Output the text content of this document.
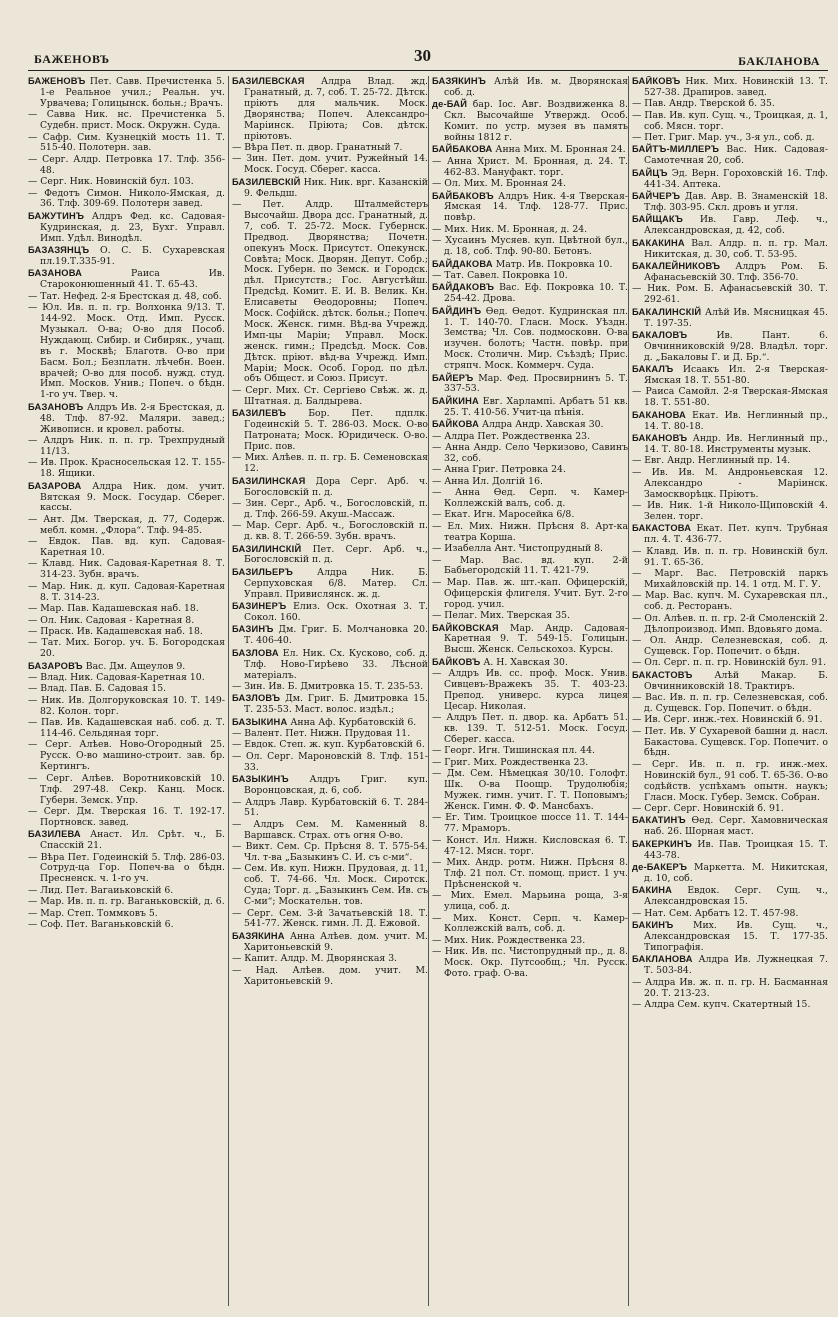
БАЖЕНОВЪ	30	БАКЛАНОВА
БАЖЕНОВЪ Пет. Савв. Пречистенка 5. 1-е Реальное учил.; Реальн. уч. Урвачева; Голицынск. больн.; Врачъ.
— Савва Ник. нс. Пречистенка 5. Судебн. прист. Моск. Окружн. Суда.
— Сафр. Сим. Кузнецкій мость 11. Т. 515-40. Полотерн. зав.
— Серг. Алдр. Петровка 17. Тлф. 356-48.
— Серг. Ник. Новинскій бул. 103.
— Федотъ Симон. Николо-Ямская, д. 36. Тлф. 309-69. Полотерн завед.
БАЖУТИНЪ Алдръ Фед. кс. Садовая-Кудринская, д. 23, Бухг. Управл. Имп. Удѣл. Винодѣл.
БАЗАЗЯНЦЪ О. С. Б. Сухаревская пл.19.Т.335-91.
БАЗАНОВА	Раиса Ив. Староконюшенный 41. Т. 65-43.
— Тат. Нефед. 2-я Брестская д. 48, соб.
— Юл. Ив. п. п. гр. Волхонка 9/13. Т. 144-92. Моск. Отд. Имп. Русск. Музыкал. О-ва; О-во для Пособ. Нуждающ. Сибир. и Сибиряк., учащ. въ г. Москвѣ; Благотв. О-во при Басм. Бол.; Безплатн. лѣчебн. Воен. врачей; О-во для пособ. нужд. студ. Имп. Москов. Унив.; Попеч. о бѣдн. 1-го уч. Твер. ч.
БАЗАНОВЪ Алдръ Ив. 2-я Брестская, д. 48. Тлф. 87-92. Маляри. завед.; Живописн. и кровел. работы.
— Алдръ Ник. п. п. гр. Трехпрудный 11/13.
— Ив. Прок. Красносельская 12. Т. 155-18. Ящики.
БАЗАРОВА Алдра Ник. дом. учит. Вятская 9. Моск. Гоcудар. Сберег. кассы.
— Ант. Дм. Тверская, д. 77, Содерж. мебл. комн. „Флора“. Тлф. 94-85.
— Евдок. Пав. вд. куп. Садовая-Каретная 10.
— Клавд. Ник. Садовая-Каретная 8. Т. 314-23. Зубн. врачъ.
— Мар. Ник. д. куп. Садовая-Каретная 8. Т. 314-23.
— Мар. Пав. Кадашевская наб. 18.
— Ол. Ник. Садовая - Каретная 8.
— Праск. Ив. Кадашевская наб. 18.
— Тат. Мих. Богор. уч. Б. Богородская 20.
БАЗАРОВЪ Вас. Дм. Ащеулов 9.
— Влад. Ник. Садовая-Каретная 10.
— Влад. Пав. Б. Садовая 15.
— Ник. Ив. Долгоруковская 10. Т. 149-82. Колон. торг.
— Пав. Ив. Кадашевская наб. соб. д. Т. 114-46. Сельдяная торг.
— Серг. Алѣев. Ново-Огородный 25. Русск. О-во машино-строит. зав. бр. Кертингъ.
— Серг. Алѣев. Воротниковскій 10. Тлф. 297-48. Секр. Канц. Моск. Губерн. Земск. Упр.
— Серг. Дм. Тверская 16. Т. 192-17. Портновск. завед.
БАЗИЛЕВА Анаст. Ил. Срѣт. ч., Б. Спасскій 21.
— Вѣра Пет. Годеинскій 5. Тлф. 286-03. Сотруд-ца Гор. Попеч-ва о бѣдн. Пресненск. ч. 1-го уч.
— Лид. Пет. Вагаиьковскій 6.
— Мар. Ив. п. п. гр. Ваганьковскій, д. 6.
— Мар. Степ. Томмковъ 5.
— Соф. Пет. Ваганьковскій 6.
БАЗИЛЕВСКАЯ Алдра Влад. жд. Гранатный, д. 7, соб. Т. 25-72. Дѣтск. пріютъ для мальчик. Моск. Дворянства; Попеч. Александро-Маріинск. Пріюта; Сов. дѣтск. пріютовъ.
— Вѣра Пет. п. двор. Гранатный 7.
— Зин. Пет. дом. учит. Ружейный 14. Моск. Госуд. Сберег. касса.
БАЗИЛЕВСКІЙ Ник. Ник. врг. Казанскій 9. Фельдш.
— Пет. Алдр. Шталмейстеръ Высочайш. Двора дсс. Гранатный, д. 7, соб. Т. 25-72. Моск. Губернск. Предвод. Дворянства; Почетн. опекунъ Моск. Присутст. Опекунск. Совѣта; Моск. Дворян. Депут. Собр.; Моск. Губерн. по Земск. и Городск. дѣл. Присутств.; Гос. Августѣйш. Предсѣд. Комит. Е. И. В. Велик. Кн. Елисаветы Ѳеодоровны; Попеч. Моск. Софійск. дѣтск. больн.; Попеч. Моск. Женск. гимн. Вѣд-ва Учрежд. Имп-цы Маріи; Управл. Моск. женск. гимн.; Предсѣд. Моск. Сов. Дѣтск. пріют. вѣд-ва Учрежд. Имп. Маріи; Моск. Особ. Город. по дѣл. объ Общест. и Союз. Присут.
— Серг. Мих. Ст. Сергіево Свѣж. ж. д. Штатная. д. Балдырева.
БАЗИЛЕВЪ Бор. Пет. пдплк. Годеинскій 5. Т. 286-03. Моск. О-во Патроната; Моск. Юридическ. О-во. Прис. пов.
— Мих. Алѣев. п. п. гр. Б. Семеновская 12.
БАЗИЛИНСКАЯ Дора Серг. Арб. ч. Богословскій п. д.
— Зин. Серг., Арб. ч., Богословскій, п. д. Тлф. 266-59. Акуш.-Массаж.
— Мар. Серг. Арб. ч., Богословскій п. д. кв. 8. Т. 266-59. Зубн. врачъ.
БАЗИЛИНСКІЙ Пет. Серг. Арб. ч., Богословскій п. д.
БАЗИЛЬЕРЪ	Алдра Ник. Б. Серпуховская 6/8. Матер. Сл. Управл. Привислянск. ж. д.
БАЗИНЕРЪ Елиз. Оск. Охотная 3. Т. Сокол. 160.
БАЗИНЪ Дм. Григ. Б. Молчановка 20. Т. 406-40.
БАЗЛОВА Ел. Ник. Сх. Кусково, соб. д. Тлф. Ново-Гирѣево 33. Лѣсной матеріалъ.
— Зин. Ив. Б. Дмитровка 15. Т. 235-53.
БАЗЛОВЪ Дм. Григ. Б. Дмитровка 15. Т. 235-53. Маст. волос. издѣл.;
БАЗЫКИНА Анна Аф. Курбатовскій 6.
— Валент. Пет. Нижн. Прудовая 11.
— Евдок. Степ. ж. куп. Курбатовскій 6.
— Ол. Серг. Мароновскій 8. Тлф. 151-33.
БАЗЫКИНЪ Алдръ Григ. куп. Воронцовская, д. 6, соб.
— Алдръ Лавр. Курбатовскій 6. Т. 284-51.
— Алдръ Сем. М. Каменный 8. Варшавск. Страх. отъ огня О-во.
— Викт. Сем. Ср. Прѣсня 8. Т. 575-54. Чл. т-ва „Базыкинъ С. И. съ с-ми“.
— Сем. Ив. куп. Нижн. Прудовая, д. 11, соб. Т. 74-66. Чл. Моск. Сиротск. Суда; Торг. д. „Базыкинъ Сем. Ив. съ С-ми“; Москательн. тов.
— Серг. Сем. 3-й Зачатьевскій 18. Т. 541-77. Женск. гимн. Л. Д. Ежовой.
БАЗЯКИНА Анна Алѣев. дом. учит. М. Харитоньевскій 9.
— Капит. Алдр. М. Дворянская 3.
— Над. Алѣев. дом. учит. М. Харитоньевскій 9.
БАЗЯКИНЪ Алѣй Ив. м. Дворянская соб. д.
де-БАЙ бар. Іос. Авг. Воздвиженка 8. Скл. Высочайше Утвержд. Особ. Комит. по устр. музея въ память войны 1812 г.
БАЙБАКОВА Анна Мих. М. Бронная 24.
— Анна Христ. М. Бронная, д. 24. Т. 462-83. Мануфакт. торг.
— Ол. Мих. М. Бронная 24.
БАЙБАКОВЪ Алдръ Ник. 4-я Тверская-Ямская 14. Тлф. 128-77. Прис. повѣр.
— Мих. Ник. М. Бронная, д. 24.
— Хусаинъ Мусяев. куп. Цвѣтной бул., д. 18, соб. Тлф. 90-80. Бетонъ.
БАЙДАКОВА Матр. Ив. Покровка 10.
— Тат. Савел. Покровка 10.
БАЙДАКОВЪ Вас. Еф. Покровка 10. Т. 254-42. Дрова.
БАЙДИНЪ Ѳед. Ѳедот. Кудринская пл. 1. Т. 140-70. Гласн. Моск. Уѣздн. Земства; Чл. Сов. подмосковн. О-ва изучен. болотъ; Частн. повѣр. при Моск. Столичн. Мир. Съѣздѣ; Прис. стряпч. Моск. Коммерч. Суда.
БАЙЕРЪ Мар. Фед. Просвирнинъ 5. Т. 337-53.
БАЙКИНА Евг. Харлампі. Арбатъ 51 кв. 25. Т. 410-56. Учит-ца пѣнія.
БАЙКОВА Алдра Андр. Хавская 30.
— Алдра Пет. Рождественка 23.
— Анна Андр. Село Черкизово, Савинъ 32, соб.
— Анна Григ. Петровка 24.
— Анна Ил. Долгій 16.
— Анна Ѳед. Серп. ч. Камер-Коллежскій валъ, соб. д.
— Екат. Игн. Маросейка 6/8.
— Ел. Мих. Нижн. Прѣсня 8. Арт-ка театра Корша.
— Изабелла Ант. Чистопрудный 8.
— Мар. Вас. вд. куп. 2-й Бабьегородскій 11. Т. 421-79.
— Мар. Пав. ж. шт.-кап. Офицерскій, Офицерскія флигеля. Учит. Бут. 2-го город. учил.
— Пелаг. Мих. Тверская 35.
БАЙКОВСКАЯ Мар. Андр. Садовая-Каретная 9. Т. 549-15. Голицын. Высш. Женск. Сельскохоз. Курсы.
БАЙКОВЪ А. Н. Хавская 30.
— Алдръ Ив. сс. проф. Моск. Унив. Сивцевъ-Вражекъ 35. Т. 403-23. Препод. универс. курса лицея Цесар. Николая.
— Алдръ Пет. п. двор. ка. Арбатъ 51. кв. 139. Т. 512-51. Моск. Госуд. Сберег. касса.
— Георг. Игн. Тишинская пл. 44.
— Григ. Мих. Рождественка 23.
— Дм. Сем. Нѣмецкая 30/10. Голофт. Шк. О-ва Поощр. Трудолюбія; Мужек. гимн. учит. Г. Т. Поповымъ; Женск. Гимн. Ф. Ф. Мансбахъ.
— Ег. Тим. Троицкое шоссе 11. Т. 144-77. Мраморъ.
— Конст. Ил. Нижн. Кисловская 6. Т. 47-12. Мясн. торг.
— Мих. Андр. ротм. Нижн. Прѣсня 8. Тлф. 21 пол. Ст. помощ. прист. 1 уч. Прѣсненской ч.
— Мих. Емел. Марьина роща, 3-я улица, соб. д.
— Мих. Конст. Серп. ч. Камер-Коллежскій валъ, соб. д.
— Мих. Ник. Рождественка 23.
— Ник. Ив. пс. Чистопрудный пр., д. 8. Моск. Окр. Путсообщ.; Чл. Русск. Фото. граф. О-ва.
БАЙКОВЪ Ник. Мих. Новинскій 13. Т. 527-38. Драпиров. завед.
— Пав. Андр. Тверской б. 35.
— Пав. Ив. куп. Сущ. ч., Троицкая, д. 1, соб. Мясн. торг.
— Пет. Григ. Мар. уч., 3-я ул., соб. д.
БАЙТЪ-МИЛЛЕРЪ Вас. Ник. Садовая-Самотечная 20, соб.
БАЙЦЪ Эд. Верн. Гороховскій 16. Тлф. 441-34. Аптека.
БАЙЧЕРЪ Дав. Авр. В. Знаменскій 18. Тлф. 303-95. Скл. дровъ и угля.
БАЙЩАКЪ Ив. Гавр. Леф. ч., Александровская, д. 42, соб.
БАКАКИНА Вал. Алдр. п. п. гр. Мал. Никитская, д. 30, соб. Т. 53-95.
БАКАЛЕЙНИКОВЪ Алдръ Ром. Б. Афанасьевскій 30. Тлф. 356-70.
— Ник. Ром. Б. Афанасьевскій 30. Т. 292-61.
БАКАЛИНСКІЙ Алѣй Ив. Мясницкая 45. Т. 197-35.
БАКАЛОВЪ	Ив. Пант. 6. Овчинниковскій 9/28. Владѣл. торг. д. „Бакаловы Г. и Д. Бр.“.
БАКАЛЪ Исаакъ Ил. 2-я Тверская-Ямская 18. Т. 551-80.
— Раиса Самойл. 2-я Тверская-Ямская 18. Т. 551-80.
БАКАНОВА Екат. Ив. Неглинный пр., 14. Т. 80-18.
БАКАНОВЪ Андр. Ив. Неглинный пр., 14. Т. 80-18. Инструменты музык.
— Евг. Андр. Неглинный пр. 14.
— Ив. Ив. М. Андроньевская 12. Александро - Маріинск. Замоскворѣцк. Пріютъ.
— Ив. Ник. 1-й Николо-Щиповскій 4. Зелен. торг.
БАКАСТОВА Екат. Пет. купч. Трубная пл. 4. Т. 436-77.
— Клавд. Ив. п. п. гр. Новинскій бул. 91. Т. 65-36.
— Марг. Вас. Петровскій паркъ Михайловскій пр. 14. 1 отд. М. Г. У.
— Мар. Вас. купч. М. Сухаревская пл., соб. д. Ресторанъ.
— Ол. Алѣев. п. п. гр. 2-й Смоленскій 2. Дѣлопроизвод. Имп. Вдовьяго дома.
— Ол. Андр. Селезневская, соб. д. Сущевск. Гор. Попечит. о бѣдн.
— Ол. Серг. п. п. гр. Новинскій бул. 91.
БАКАСТОВЪ Алѣй Макар. Б. Овчинниковскій 18. Трактиръ.
— Вас. Ив. п. п. гр. Селезневская, соб. д. Сущевск. Гор. Попечит. о бѣдн.
— Ив. Серг. инж.-тех. Новинскій б. 91.
— Пет. Ив. У Сухаревой башни д. насл. Бакастова. Сущевск. Гор. Попечит. о бѣдн.
— Серг. Ив. п. п. гр. инж.-мех. Новинскій бул., 91 соб. Т. 65-36. О-во содѣйств. успѣхамъ опытн. наукъ; Гласн. Моск. Губер. Земск. Собран.
— Серг. Серг. Новинскій б. 91.
БАКАТИНЪ Ѳед. Серг. Хамовническая наб. 26. Шорная маст.
БАКЕРКИНЪ Ив. Пав. Троицкая 15. Т. 443-78.
де-БАКЕРЪ Маркетта. М. Никитская, д. 10, соб.
БАКИНА Евдок. Серг. Сущ. ч., Александровская 15.
— Нат. Сем. Арбатъ 12. Т. 457-98.
БАКИНЪ Мих. Ив. Сущ. ч., Александровская 15. Т. 177-35. Типографія.
БАКЛАНОВА Алдра Ив. Лужнецкая 7. Т. 503-84.
— Алдра Ив. ж. п. п. гр. Н. Басманная 20. Т. 213-23.
— Алдра Сем. купч. Скатертный 15.
